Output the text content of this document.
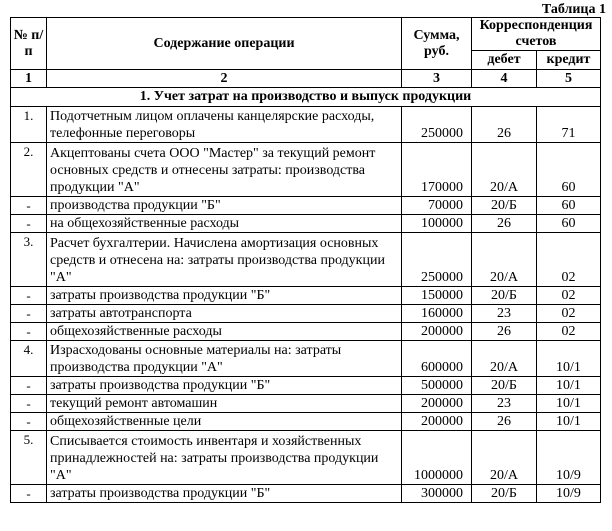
Таблица 1
№ п/п	Содержание операции	Сумма, руб.	Корреспонденция счетов	
			дебет	кредит
1	2	3	4	5
1. Учет затрат на производство и выпуск продукции				
1.	Подотчетным лицом оплачены канцелярские расходы, телефонные переговоры	250000	26	71
2.	Акцептованы счета ООО "Мастер" за текущий ремонт основных средств и отнесены затраты: производства продукции "А"	170000	20/А	60
-	производства продукции "Б"	70000	20/Б	60
-	на общехозяйственные расходы	100000	26	60
3.	Расчет бухгалтерии. Начислена амортизация основных средств и отнесена на: затраты производства продукции "А"	250000	20/А	02
-	затраты производства продукции "Б"	150000	20/Б	02
-	затраты автотранспорта	160000	23	02
-	общехозяйственные расходы	200000	26	02
4.	Израсходованы основные материалы на: затраты производства продукции "А"	600000	20/А	10/1
-	затраты производства продукции "Б"	500000	20/Б	10/1
-	текущий ремонт автомашин	200000	23	10/1
-	общехозяйственные цели	200000	26	10/1
5.	Списывается стоимость инвентаря и хозяйственных принадлежностей на: затраты производства продукции "А"	1000000	20/А	10/9
-	затраты производства продукции "Б"	300000	20/Б	10/9
